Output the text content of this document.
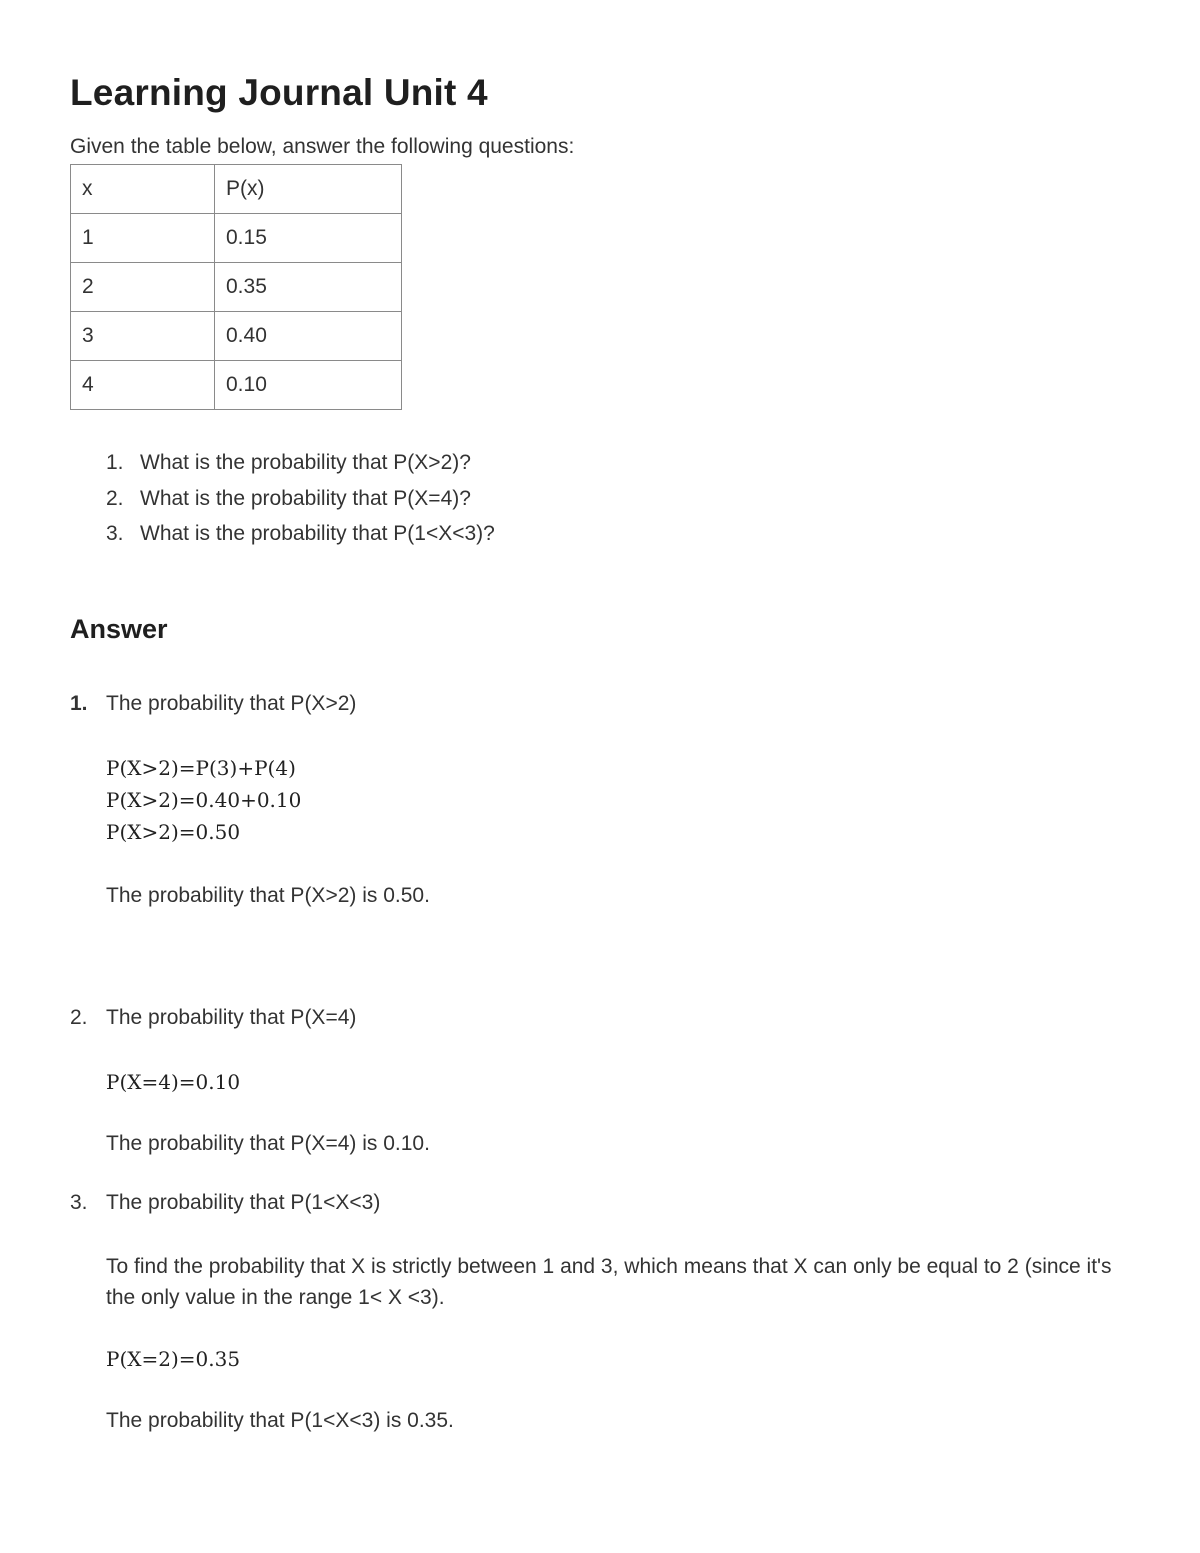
Learning Journal Unit 4

Given the table below, answer the following questions:

x	P(x)
1	0.15
2	0.35
3	0.40
4	0.10
1. What is the probability that P(X>2)?
2. What is the probability that P(X=4)?
3. What is the probability that P(1<X<3)?
Answer
1. The probability that P(X>2)
P(X>2)=P(3)+P(4)
P(X>2)=0.40+0.10
P(X>2)=0.50
The probability that P(X>2) is 0.50.
2. The probability that P(X=4)
P(X=4)=0.10
The probability that P(X=4) is 0.10.
3. The probability that P(1<X<3)
To find the probability that X is strictly between 1 and 3, which means that X can only be equal to 2 (since it's the only value in the range 1< X <3).
P(X=2)=0.35
The probability that P(1<X<3) is 0.35.
